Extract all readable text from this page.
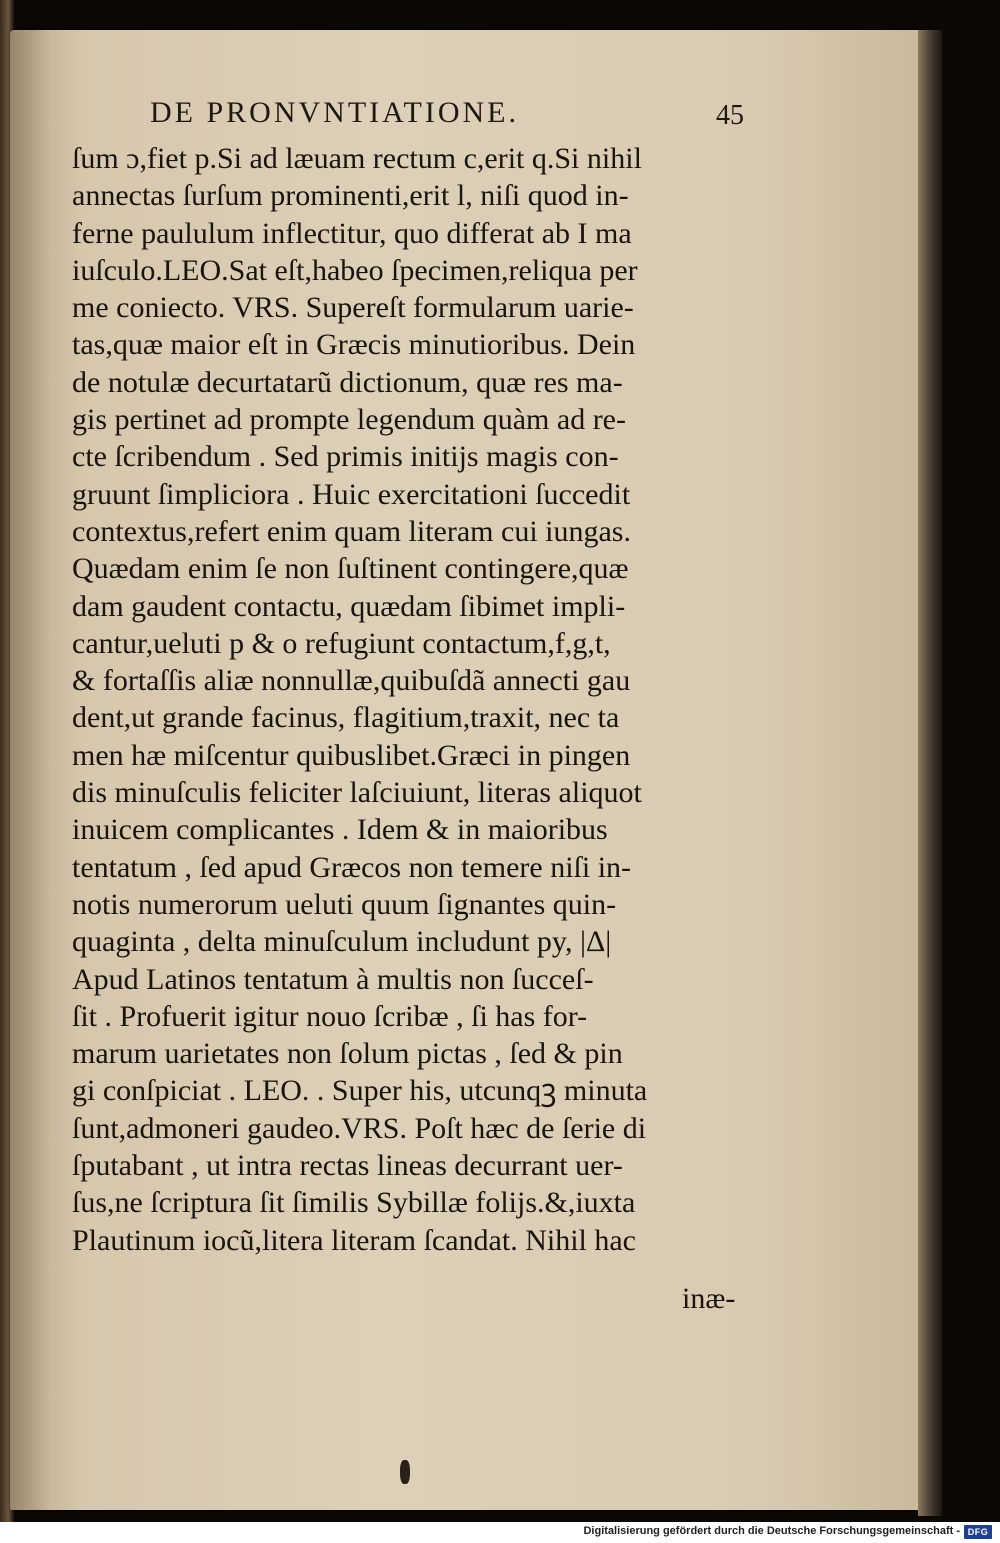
DE PRONVNTIATIONE.	45
ſum ɔ,fiet p.Si ad læuam rectum c,erit q.Si nihil
annectas ſurſum prominenti,erit l, niſi quod in-
ferne paululum inflectitur, quo differat ab I ma
iuſculo.LEO.Sat eſt,habeo ſpecimen,reliqua per
me coniecto. VRS. Supereſt formularum uarie-
tas,quæ maior eſt in Græcis minutioribus. Dein
de notulæ decurtatarũ dictionum, quæ res ma-
gis pertinet ad prompte legendum quàm ad re-
cte ſcribendum . Sed primis initijs magis con-
gruunt ſimpliciora . Huic exercitationi ſuccedit
contextus,refert enim quam literam cui iungas.
Quædam enim ſe non ſuſtinent contingere,quæ
dam gaudent contactu, quædam ſibimet impli-
cantur,ueluti p & o refugiunt contactum,f,g,t,
& fortaſſis aliæ nonnullæ,quibuſdã annecti gau
dent,ut grande facinus, flagitium,traxit, nec ta
men hæ miſcentur quibuslibet.Græci in pingen
dis minuſculis feliciter laſciuiunt, literas aliquot
inuicem complicantes . Idem & in maioribus
tentatum , ſed apud Græcos non temere niſi in-
notis numerorum ueluti quum ſignantes quin-
quaginta , delta minuſculum includunt py, |Δ|
Apud Latinos tentatum à multis non ſucceſ-
ſit . Profuerit igitur nouo ſcribæ , ſi has for-
marum uarietates non ſolum pictas , ſed & pin
gi conſpiciat . LEO. . Super his, utcunqꝫ minuta
ſunt,admoneri gaudeo.VRS. Poſt hæc de ſerie di
ſputabant , ut intra rectas lineas decurrant uer-
ſus,ne ſcriptura ſit ſimilis Sybillæ folijs.&,iuxta
Plautinum iocũ,litera literam ſcandat. Nihil hac
inæ-
Digitalisierung gefördert durch die Deutsche Forschungsgemeinschaft - DFG
